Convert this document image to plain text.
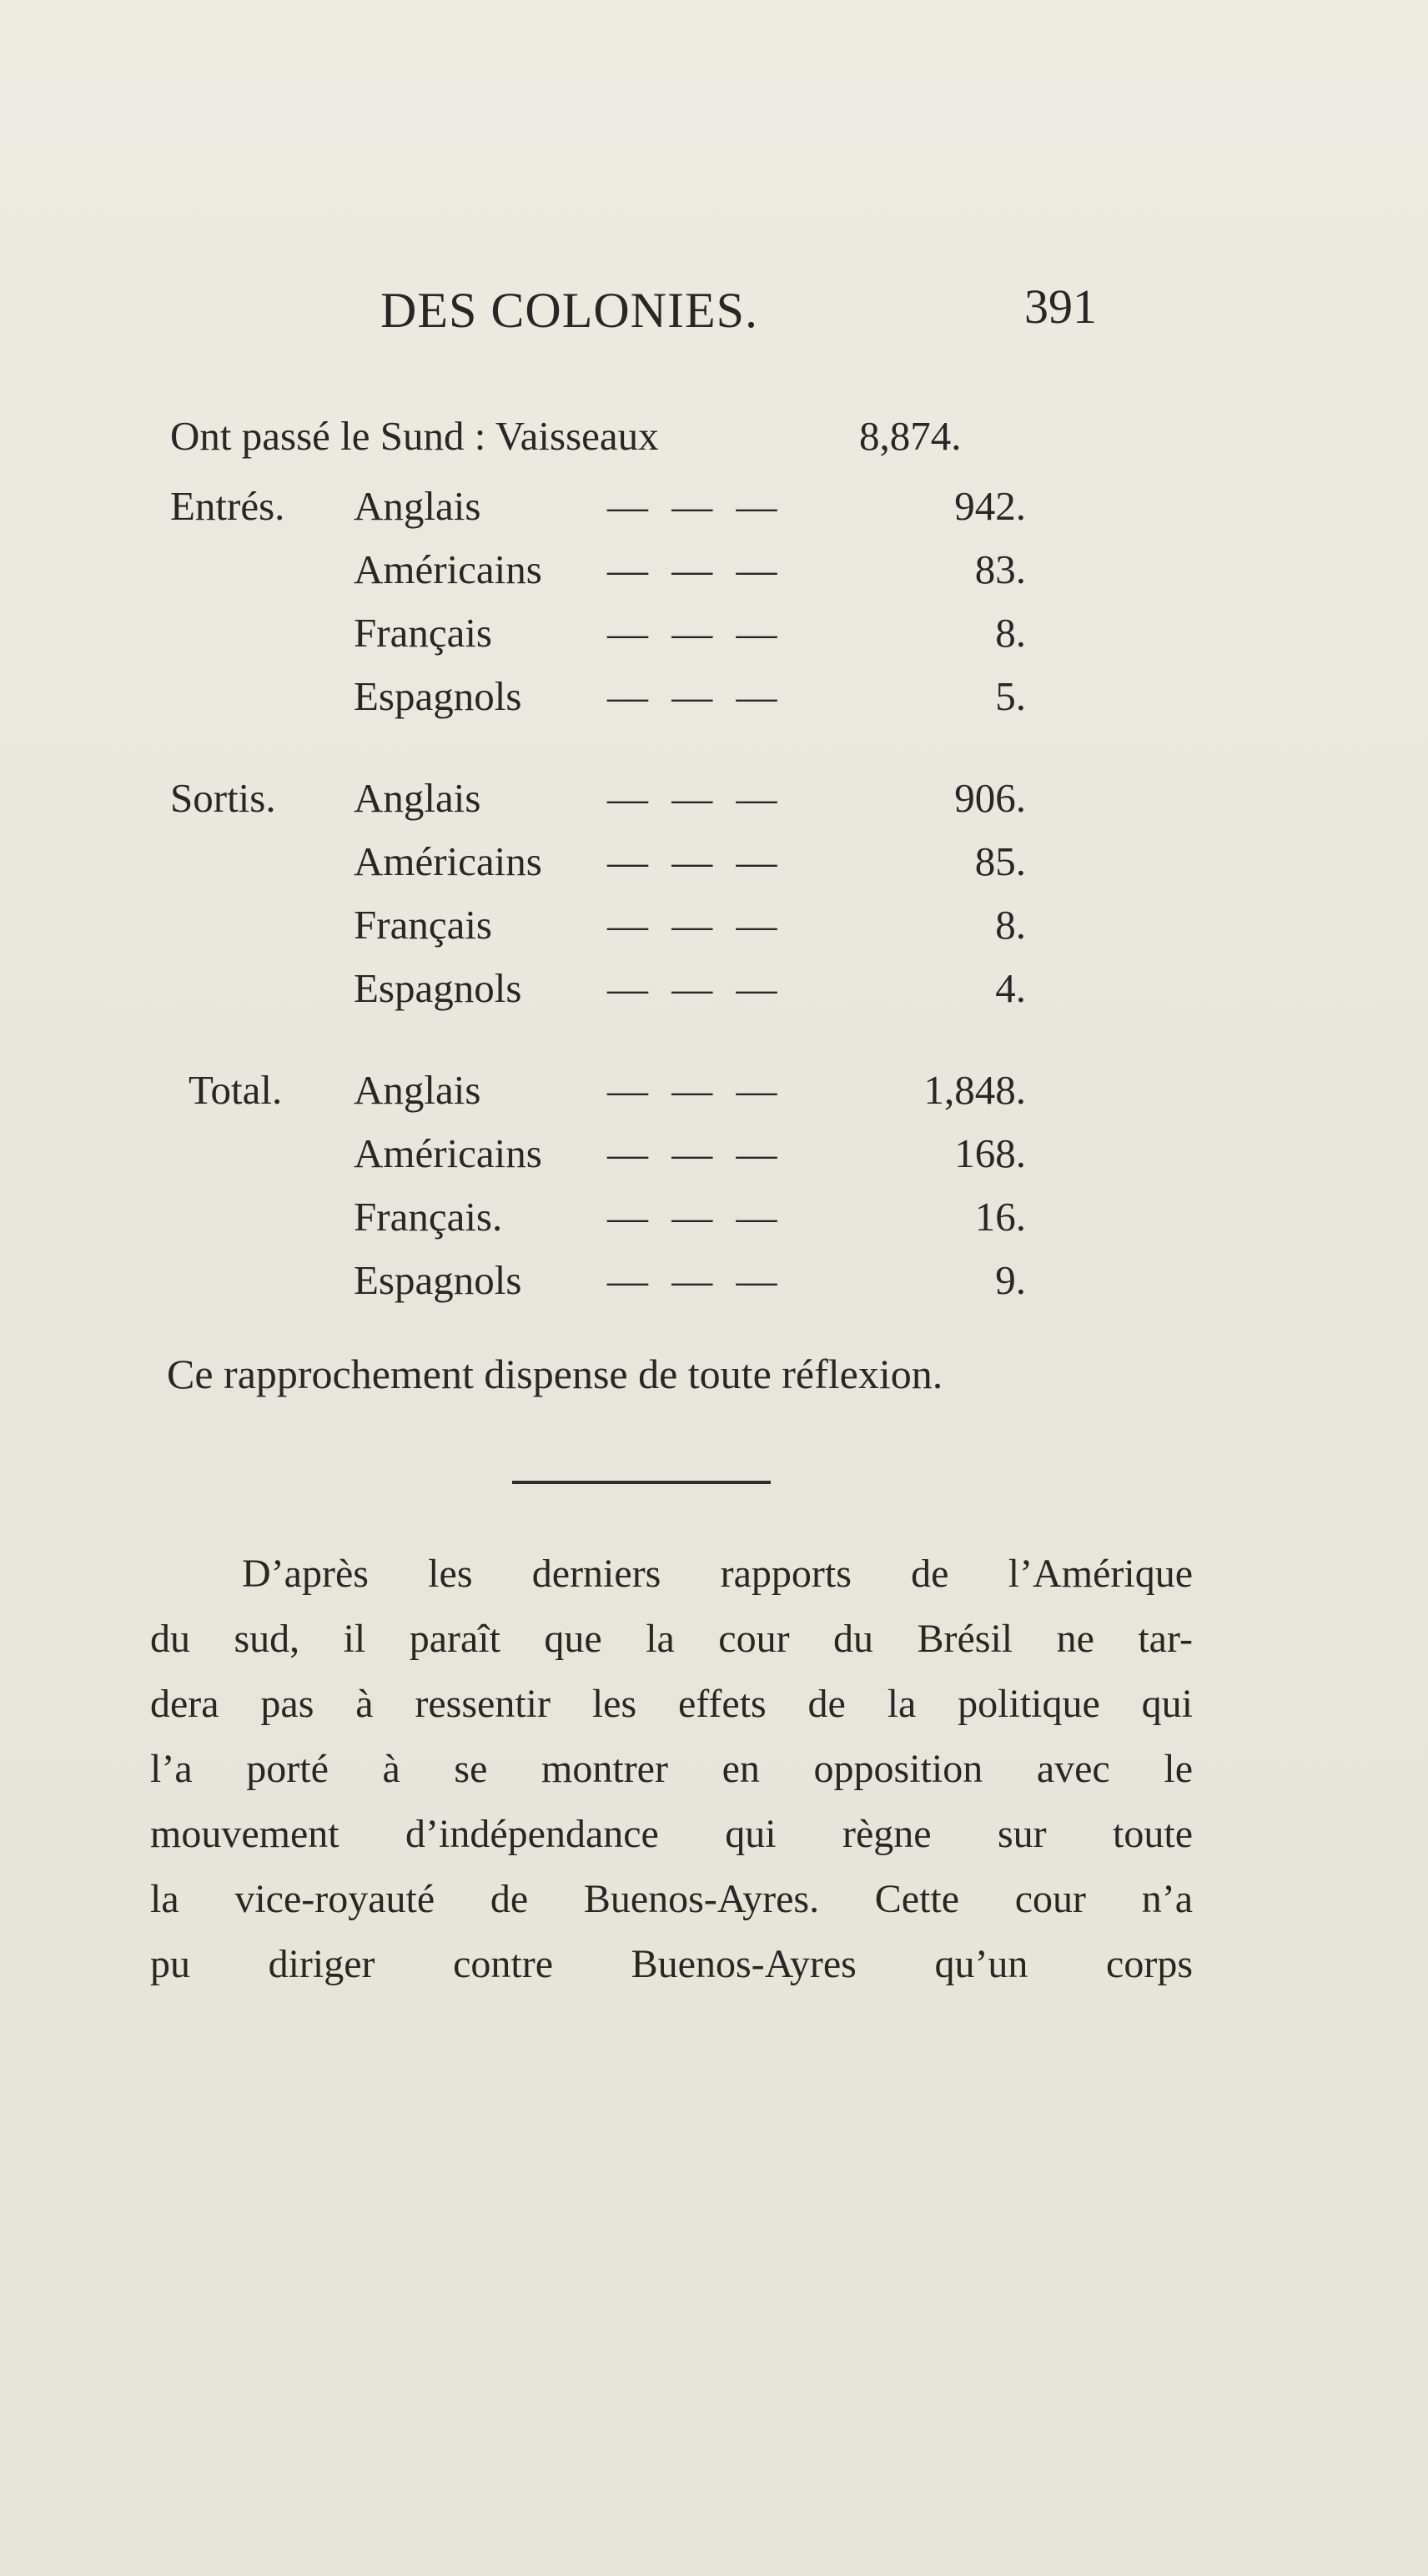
DES COLONIES.	391
Ont passé le Sund : Vaisseaux	8,874.
Entrés. Anglais	— — —	942.
Américains — — —	83.
Français	— — —	8.
Espagnols — — —	5.
Sortis. Anglais	— — —	906.
Américains — — —	85.
Français	— — —	8.
Espagnols — — —	4.
Total. Anglais	— — —	1,848.
Américains — — —	168.
Français.	— — —	16.
Espagnols — — —	9.
Ce rapprochement dispense de toute réflexion.
D’après les derniers rapports de l’Amérique
du sud, il paraît que la cour du Brésil ne tar-
dera pas à ressentir les effets de la politique qui
l’a porté à se montrer en opposition avec le
mouvement d’indépendance qui règne sur toute
la vice-royauté de Buenos-Ayres. Cette cour n’a
pu diriger contre Buenos-Ayres qu’un corps
